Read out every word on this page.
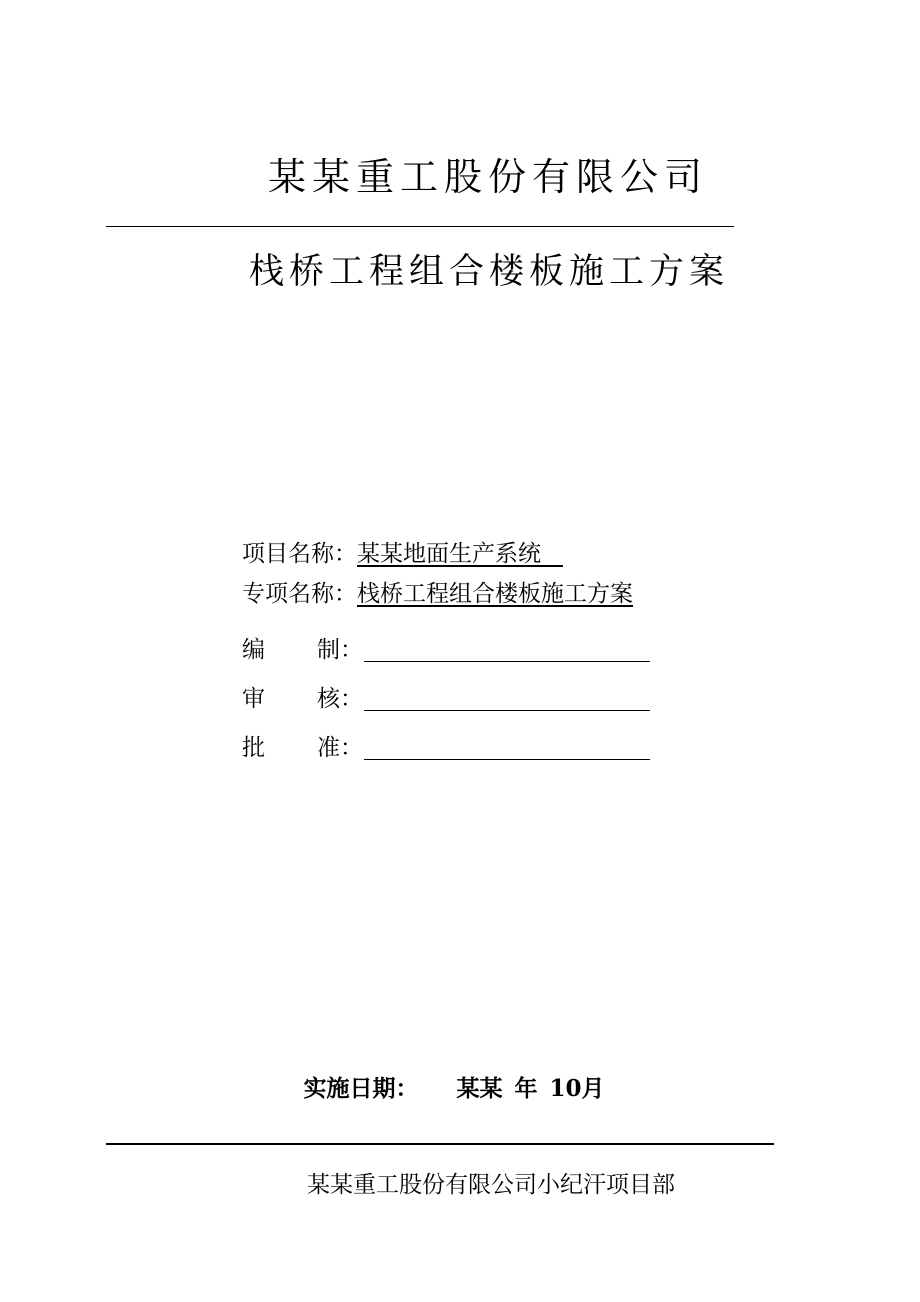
某某重工股份有限公司
栈桥工程组合楼板施工方案
项目名称：某某地面生产系统
专项名称：栈桥工程组合楼板施工方案
编 制：
审 核：
批 准：
实施日期： 某某 年 10月
某某重工股份有限公司小纪汗项目部
